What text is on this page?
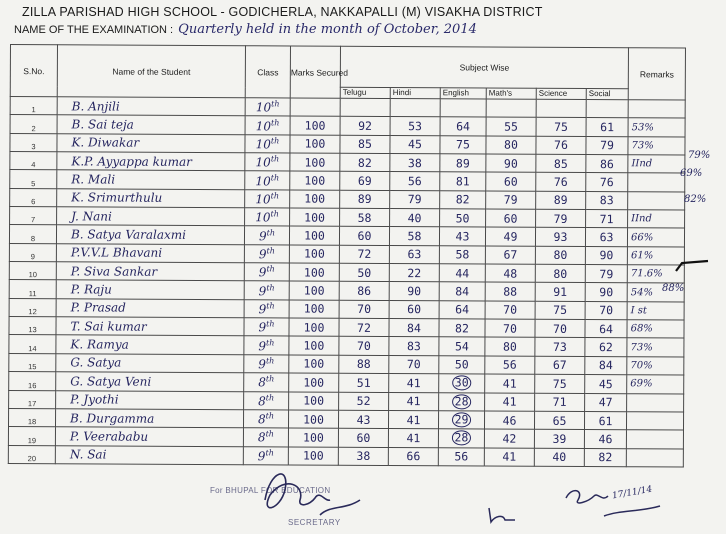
ZILLA PARISHAD HIGH SCHOOL - GODICHERLA, NAKKAPALLI (M) VISAKHA DISTRICT
NAME OF THE EXAMINATION : Quarterly held in the month of October, 2014
S.No.	Name of the Student	Class	Marks Secured	Subject Wise						Remarks
				Telugu	Hindi	English	Math's	Science	Social	
1	B. Anjili	10th								
2	B. Sai teja	10th	100	92	53	64	55	75	61	53%
3	K. Diwakar	10th	100	85	45	75	80	76	79	73%
4	K.P. Ayyappa kumar	10th	100	82	38	89	90	85	86	IInd
5	R. Mali	10th	100	69	56	81	60	76	76	
6	K. Srimurthulu	10th	100	89	79	82	79	89	83	
7	J. Nani	10th	100	58	40	50	60	79	71	IInd
8	B. Satya Varalaxmi	9th	100	60	58	43	49	93	63	66%
9	P.V.V.L Bhavani	9th	100	72	63	58	67	80	90	61%
10	P. Siva Sankar	9th	100	50	22	44	48	80	79	71.6%
11	P. Raju	9th	100	86	90	84	88	91	90	54%
12	P. Prasad	9th	100	70	60	64	70	75	70	I st
13	T. Sai kumar	9th	100	72	84	82	70	70	64	68%
14	K. Ramya	9th	100	70	83	54	80	73	62	73%
15	G. Satya	9th	100	88	70	50	56	67	84	70%
16	G. Satya Veni	8th	100	51	41	30	41	75	45	69%
17	P. Jyothi	8th	100	52	41	28	41	71	47	
18	B. Durgamma	8th	100	43	41	29	46	65	61	
19	P. Veerababu	8th	100	60	41	28	42	39	46	
20	N. Sai	9th	100	38	66	56	41	40	82	
79%
69%
82%
88%
For BHUPAL FOR EDUCATION
SECRETARY
17/11/14
